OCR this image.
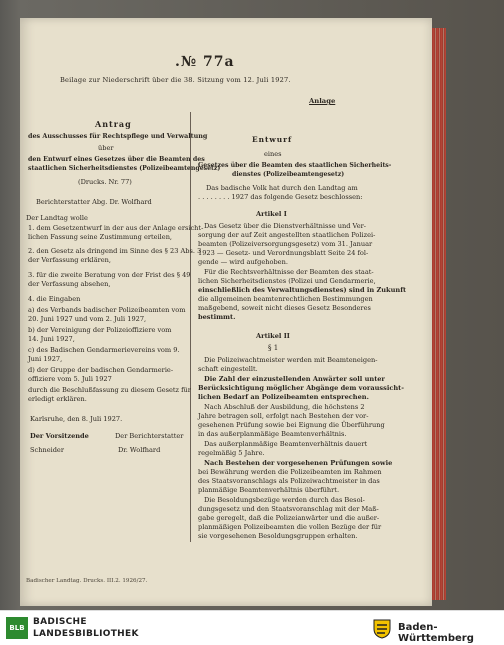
.№ 77a
Beilage zur Niederschrift über die 38. Sitzung vom 12. Juli 1927.
Anlage
Antrag
des Ausschusses für Rechtspflege und Verwaltung
über
den Entwurf eines Gesetzes über die Beamten des
staatlichen Sicherheitsdienstes (Polizeibeamtengesetz)
(Drucks. Nr. 77)
Berichterstatter Abg. Dr. Wolfhard
Der Landtag wolle
1. dem Gesetzentwurf in der aus der Anlage ersicht-
lichen Fassung seine Zustimmung erteilen,
2. den Gesetz als dringend im Sinne des § 23 Abs. 3
der Verfassung erklären,
3. für die zweite Beratung von der Frist des § 49
der Verfassung absehen,
4. die Eingaben
a) des Verbands badischer Polizeibeamten vom
20. Juni 1927 und vom 2. Juli 1927,
b) der Vereinigung der Polizeioffiziere vom
14. Juni 1927,
c) des Badischen Gendarmerievereins vom 9.
Juni 1927,
d) der Gruppe der badischen Gendarmerie-
offiziere vom 5. Juli 1927
durch die Beschlußfassung zu diesem Gesetz für
erledigt erklären.
Karlsruhe, den 8. Juli 1927.
Der Vorsitzende
Schneider
Der Berichterstatter
Dr. Wolfhard
Entwurf
eines
Gesetzes über die Beamten des staatlichen Sicherheits-
dienstes (Polizeibeamtengesetz)
Das badische Volk hat durch den Landtag am
. . . . . . . . 1927 das folgende Gesetz beschlossen:
Artikel I
Das Gesetz über die Dienstverhältnisse und Ver-
sorgung der auf Zeit angestellten staatlichen Polizei-
beamten (Polizeiversorgungsgesetz) vom 31. Januar
1923 — Gesetz- und Verordnungsblatt Seite 24 fol-
gende — wird aufgehoben.
Für die Rechtsverhältnisse der Beamten des staat-
lichen Sicherheitsdienstes (Polizei und Gendarmerie,
einschließlich des Verwaltungsdienstes) sind in Zukunft
die allgemeinen beamtenrechtlichen Bestimmungen
maßgebend, soweit nicht dieses Gesetz Besonderes
bestimmt.
Artikel II
§ 1
Die Polizeiwachtmeister werden mit Beamteneigen-
schaft eingestellt.
Die Zahl der einzustellenden Anwärter soll unter
Berücksichtigung möglicher Abgänge dem voraussicht-
lichen Bedarf an Polizeibeamten entsprechen.
Nach Abschluß der Ausbildung, die höchstens 2
Jahre betragen soll, erfolgt nach Bestehen der vor-
gesehenen Prüfung sowie bei Eignung die Überführung
in das außerplanmäßige Beamtenverhältnis.
Das außerplanmäßige Beamtenverhältnis dauert
regelmäßig 5 Jahre.
Nach Bestehen der vorgesehenen Prüfungen sowie
bei Bewährung werden die Polizeibeamten im Rahmen
des Staatsvoranschlags als Polizeiwachtmeister in das
planmäßige Beamtenverhältnis überführt.
Die Besoldungsbezüge werden durch das Besol-
dungsgesetz und den Staatsvoranschlag mit der Maß-
gabe geregelt, daß die Polizeianwärter und die außer-
planmäßigen Polizeibeamten die vollen Bezüge der für
sie vorgesehenen Besoldungsgruppen erhalten.
Badischer Landtag. Drucks. III.2. 1926/27.
BLB
BADISCHE
LANDESBIBLIOTHEK
Baden-Württemberg
